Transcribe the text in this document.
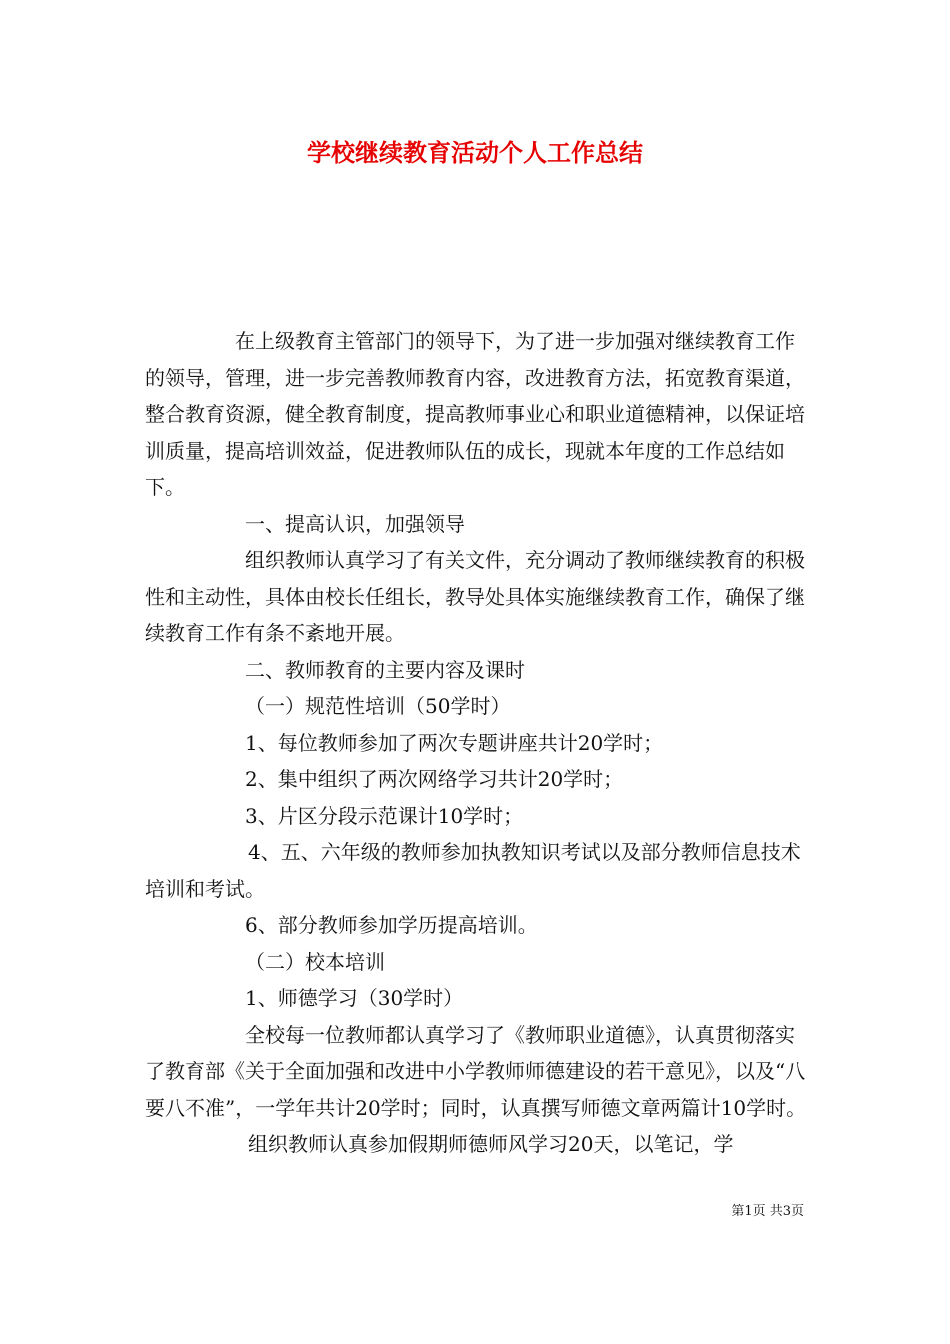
学校继续教育活动个人工作总结

在上级教育主管部门的领导下，为了进一步加强对继续教育工作的领导，管理，进一步完善教师教育内容，改进教育方法，拓宽教育渠道，整合教育资源，健全教育制度，提高教师事业心和职业道德精神，以保证培训质量，提高培训效益，促进教师队伍的成长，现就本年度的工作总结如下。

一、提高认识，加强领导

组织教师认真学习了有关文件，充分调动了教师继续教育的积极性和主动性，具体由校长任组长，教导处具体实施继续教育工作，确保了继续教育工作有条不紊地开展。

二、教师教育的主要内容及课时

（一）规范性培训（50学时）

1、每位教师参加了两次专题讲座共计20学时；

2、集中组织了两次网络学习共计20学时；

3、片区分段示范课计10学时；

4、五、六年级的教师参加执教知识考试以及部分教师信息技术培训和考试。

6、部分教师参加学历提高培训。

（二）校本培训

1、师德学习（30学时）

全校每一位教师都认真学习了《教师职业道德》，认真贯彻落实了教育部《关于全面加强和改进中小学教师师德建设的若干意见》，以及“八要八不准”，一学年共计20学时；同时，认真撰写师德文章两篇计10学时。

组织教师认真参加假期师德师风学习20天，以笔记，学

第1页 共3页
